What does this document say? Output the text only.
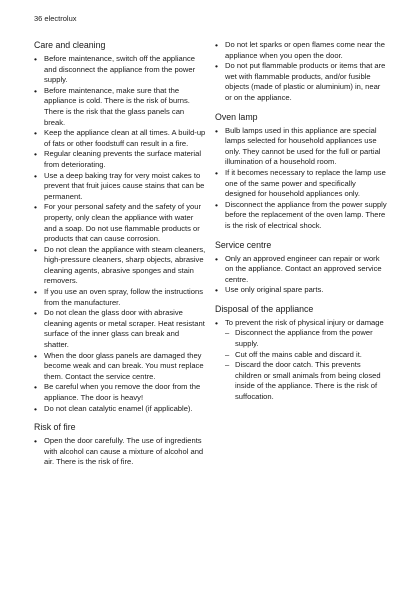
36 electrolux
Care and cleaning
• Before maintenance, switch off the appliance and disconnect the appliance from the power supply.
• Before maintenance, make sure that the appliance is cold. There is the risk of burns. There is the risk that the glass panels can break.
• Keep the appliance clean at all times. A build-up of fats or other foodstuff can result in a fire.
• Regular cleaning prevents the surface material from deteriorating.
• Use a deep baking tray for very moist cakes to prevent that fruit juices cause stains that can be permanent.
• For your personal safety and the safety of your property, only clean the appliance with water and a soap. Do not use flammable products or products that can cause corrosion.
• Do not clean the appliance with steam cleaners, high-pressure cleaners, sharp objects, abrasive cleaning agents, abrasive sponges and stain removers.
• If you use an oven spray, follow the instructions from the manufacturer.
• Do not clean the glass door with abrasive cleaning agents or metal scraper. Heat resistant surface of the inner glass can break and shatter.
• When the door glass panels are damaged they become weak and can break. You must replace them. Contact the service centre.
• Be careful when you remove the door from the appliance. The door is heavy!
• Do not clean catalytic enamel (if applicable).
Risk of fire
• Open the door carefully. The use of ingredients with alcohol can cause a mixture of alcohol and air. There is the risk of fire.
• Do not let sparks or open flames come near the appliance when you open the door.
• Do not put flammable products or items that are wet with flammable products, and/or fusible objects (made of plastic or aluminium) in, near or on the appliance.
Oven lamp
• Bulb lamps used in this appliance are special lamps selected for household appliances use only. They cannot be used for the full or partial illumination of a household room.
• If it becomes necessary to replace the lamp use one of the same power and specifically designed for household appliances only.
• Disconnect the appliance from the power supply before the replacement of the oven lamp. There is the risk of electrical shock.
Service centre
• Only an approved engineer can repair or work on the appliance. Contact an approved service centre.
• Use only original spare parts.
Disposal of the appliance
• To prevent the risk of physical injury or damage
– Disconnect the appliance from the power supply.
– Cut off the mains cable and discard it.
– Discard the door catch. This prevents children or small animals from being closed inside of the appliance. There is the risk of suffocation.
